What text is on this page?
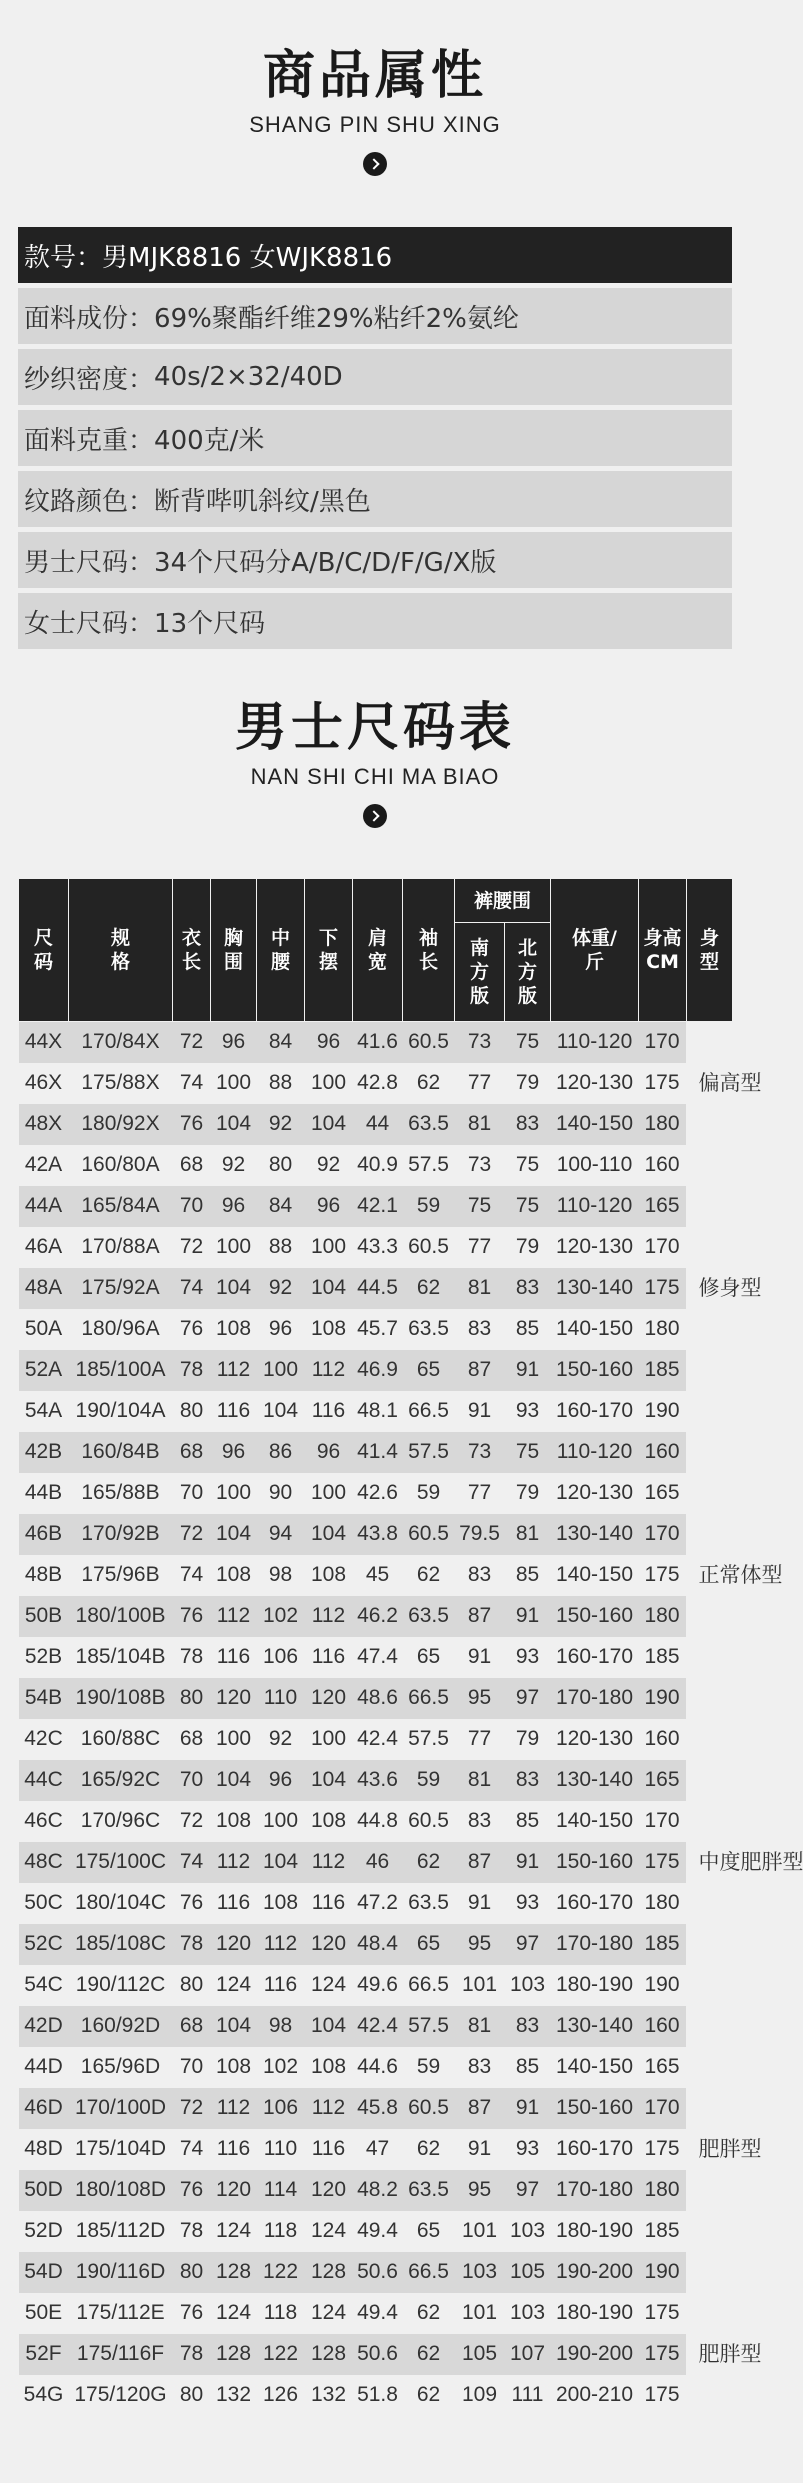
商品属性
SHANG PIN SHU XING
款号 ：	男MJK8816 女WJK8816
面料成份 ：	69%聚酯纤维29%粘纤2%氨纶
纱织密度 ：	40s/2×32/40D
面料克重 ：	400克/米
纹路颜色 ：	断背哔叽斜纹/黑色
男士尺码 ：	34个尺码分A/B/C/D/F/G/X版
女士尺码 ：	13个尺码
男士尺码表
NAN SHI CHI MA BIAO
尺码	规格	衣长	胸围	中腰	下摆	肩宽	袖长	裤腰围		体重/斤	身高CM	身型
								南方版	北方版			
44X	170/84X	72	96	84	96	41.6	60.5	73	75	110-120	170	偏高型
46X	175/88X	74	100	88	100	42.8	62	77	79	120-130	175	
48X	180/92X	76	104	92	104	44	63.5	81	83	140-150	180	
42A	160/80A	68	92	80	92	40.9	57.5	73	75	100-110	160	修身型
44A	165/84A	70	96	84	96	42.1	59	75	75	110-120	165	
46A	170/88A	72	100	88	100	43.3	60.5	77	79	120-130	170	
48A	175/92A	74	104	92	104	44.5	62	81	83	130-140	175	
50A	180/96A	76	108	96	108	45.7	63.5	83	85	140-150	180	
52A	185/100A	78	112	100	112	46.9	65	87	91	150-160	185	
54A	190/104A	80	116	104	116	48.1	66.5	91	93	160-170	190	
42B	160/84B	68	96	86	96	41.4	57.5	73	75	110-120	160	正常体型
44B	165/88B	70	100	90	100	42.6	59	77	79	120-130	165	
46B	170/92B	72	104	94	104	43.8	60.5	79.5	81	130-140	170	
48B	175/96B	74	108	98	108	45	62	83	85	140-150	175	
50B	180/100B	76	112	102	112	46.2	63.5	87	91	150-160	180	
52B	185/104B	78	116	106	116	47.4	65	91	93	160-170	185	
54B	190/108B	80	120	110	120	48.6	66.5	95	97	170-180	190	
42C	160/88C	68	100	92	100	42.4	57.5	77	79	120-130	160	中度肥胖型
44C	165/92C	70	104	96	104	43.6	59	81	83	130-140	165	
46C	170/96C	72	108	100	108	44.8	60.5	83	85	140-150	170	
48C	175/100C	74	112	104	112	46	62	87	91	150-160	175	
50C	180/104C	76	116	108	116	47.2	63.5	91	93	160-170	180	
52C	185/108C	78	120	112	120	48.4	65	95	97	170-180	185	
54C	190/112C	80	124	116	124	49.6	66.5	101	103	180-190	190	
42D	160/92D	68	104	98	104	42.4	57.5	81	83	130-140	160	肥胖型
44D	165/96D	70	108	102	108	44.6	59	83	85	140-150	165	
46D	170/100D	72	112	106	112	45.8	60.5	87	91	150-160	170	
48D	175/104D	74	116	110	116	47	62	91	93	160-170	175	
50D	180/108D	76	120	114	120	48.2	63.5	95	97	170-180	180	
52D	185/112D	78	124	118	124	49.4	65	101	103	180-190	185	
54D	190/116D	80	128	122	128	50.6	66.5	103	105	190-200	190	
50E	175/112E	76	124	118	124	49.4	62	101	103	180-190	175	肥胖型
52F	175/116F	78	128	122	128	50.6	62	105	107	190-200	175	
54G	175/120G	80	132	126	132	51.8	62	109	111	200-210	175	
